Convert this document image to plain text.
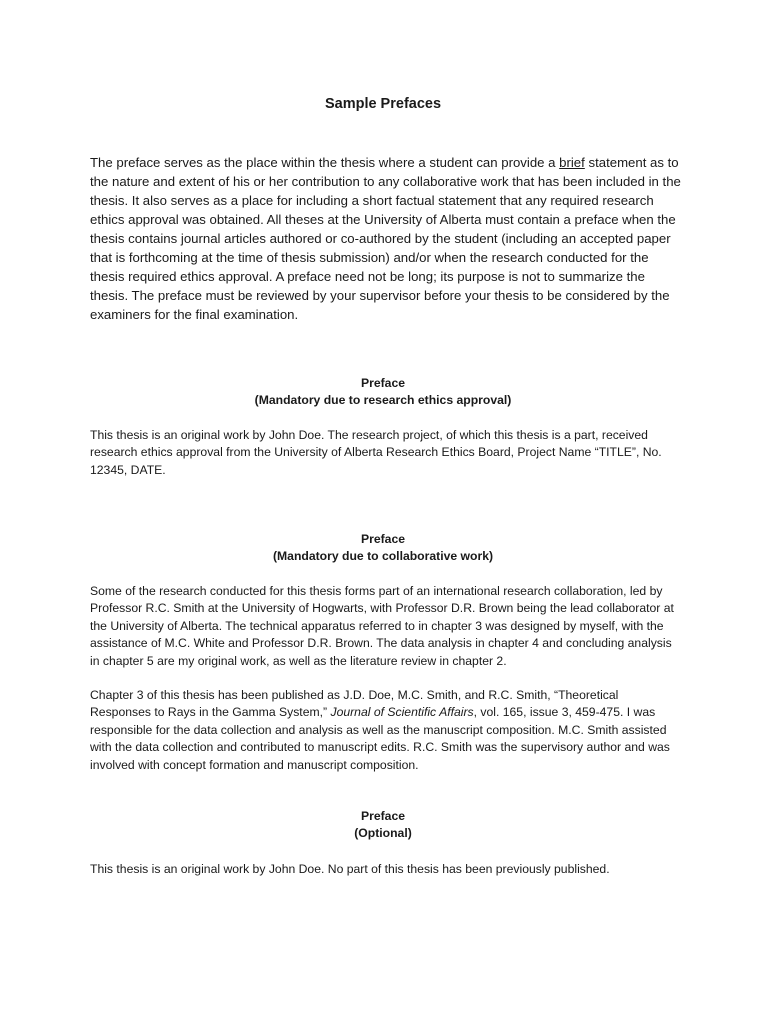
Sample Prefaces

The preface serves as the place within the thesis where a student can provide a brief statement as to the nature and extent of his or her contribution to any collaborative work that has been included in the thesis. It also serves as a place for including a short factual statement that any required research ethics approval was obtained. All theses at the University of Alberta must contain a preface when the thesis contains journal articles authored or co-authored by the student (including an accepted paper that is forthcoming at the time of thesis submission) and/or when the research conducted for the thesis required ethics approval. A preface need not be long; its purpose is not to summarize the thesis. The preface must be reviewed by your supervisor before your thesis to be considered by the examiners for the final examination.

Preface
(Mandatory due to research ethics approval)

This thesis is an original work by John Doe. The research project, of which this thesis is a part, received research ethics approval from the University of Alberta Research Ethics Board, Project Name “TITLE”, No. 12345, DATE.

Preface
(Mandatory due to collaborative work)

Some of the research conducted for this thesis forms part of an international research collaboration, led by Professor R.C. Smith at the University of Hogwarts, with Professor D.R. Brown being the lead collaborator at the University of Alberta. The technical apparatus referred to in chapter 3 was designed by myself, with the assistance of M.C. White and Professor D.R. Brown. The data analysis in chapter 4 and concluding analysis in chapter 5 are my original work, as well as the literature review in chapter 2.

Chapter 3 of this thesis has been published as J.D. Doe, M.C. Smith, and R.C. Smith, “Theoretical Responses to Rays in the Gamma System,” Journal of Scientific Affairs, vol. 165, issue 3, 459-475. I was responsible for the data collection and analysis as well as the manuscript composition. M.C. Smith assisted with the data collection and contributed to manuscript edits. R.C. Smith was the supervisory author and was involved with concept formation and manuscript composition.

Preface
(Optional)

This thesis is an original work by John Doe. No part of this thesis has been previously published.
